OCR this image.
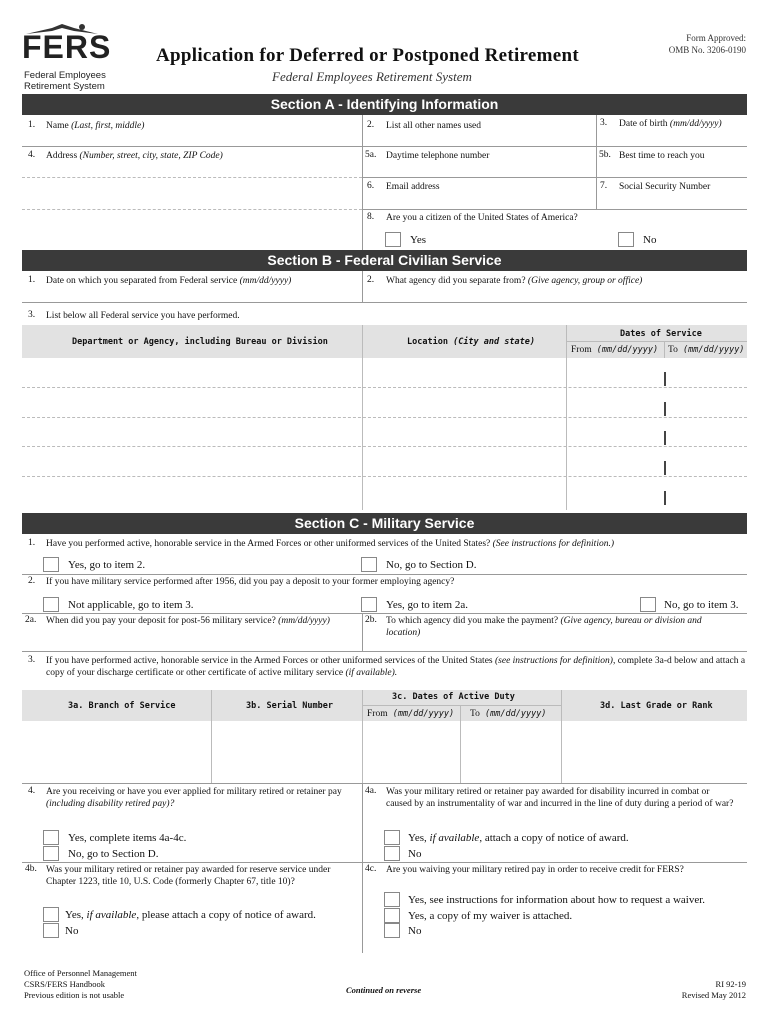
FERS
Federal Employees
Retirement System
Application for Deferred or Postponed Retirement
Federal Employees Retirement System
Form Approved:
OMB No. 3206-0190
Section A - Identifying Information
1. Name (Last, first, middle)	2. List all other names used	3. Date of birth (mm/dd/yyyy)
4. Address (Number, street, city, state, ZIP Code)	5a. Daytime telephone number	5b. Best time to reach you
6. Email address	7. Social Security Number
8. Are you a citizen of the United States of America?
Yes	No
Section B - Federal Civilian Service
1. Date on which you separated from Federal service (mm/dd/yyyy)	2. What agency did you separate from? (Give agency, group or office)
3. List below all Federal service you have performed.
Department or Agency, including Bureau or Division	Location (City and state)
Dates of Service
From (mm/dd/yyyy) To (mm/dd/yyyy)
Section C - Military Service
1. Have you performed active, honorable service in the Armed Forces or other uniformed services of the United States? (See instructions for definition.)
Yes, go to item 2.	No, go to Section D.
2. If you have military service performed after 1956, did you pay a deposit to your former employing agency?
Not applicable, go to item 3.	Yes, go to item 2a.	No, go to item 3.
2a. When did you pay your deposit for post-56 military service? (mm/dd/yyyy)	2b. To which agency did you make the payment? (Give agency, bureau or division and location)
3. If you have performed active, honorable service in the Armed Forces or other uniformed services of the United States (see instructions for definition), complete 3a-d below and attach a copy of your discharge certificate or other certificate of active military service (if available).
3a. Branch of Service	3b. Serial Number
3c. Dates of Active Duty
3d. Last Grade or Rank
From (mm/dd/yyyy) To (mm/dd/yyyy)
4. Are you receiving or have you ever applied for military retired or retainer pay (including disability retired pay)?
Yes, complete items 4a-4c.
No, go to Section D.
4a. Was your military retired or retainer pay awarded for disability incurred in combat or caused by an instrumentality of war and incurred in the line of duty during a period of war?
Yes, if available, attach a copy of notice of award.
No
4b. Was your military retired or retainer pay awarded for reserve service under Chapter 1223, title 10, U.S. Code (formerly Chapter 67, title 10)?
Yes, if available, please attach a copy of notice of award.
No
4c. Are you waiving your military retired pay in order to receive credit for FERS?
Yes, see instructions for information about how to request a waiver.
Yes, a copy of my waiver is attached.
No
Office of Personnel Management
CSRS/FERS Handbook
Previous edition is not usable	Continued on reverse
RI 92-19
Revised May 2012
